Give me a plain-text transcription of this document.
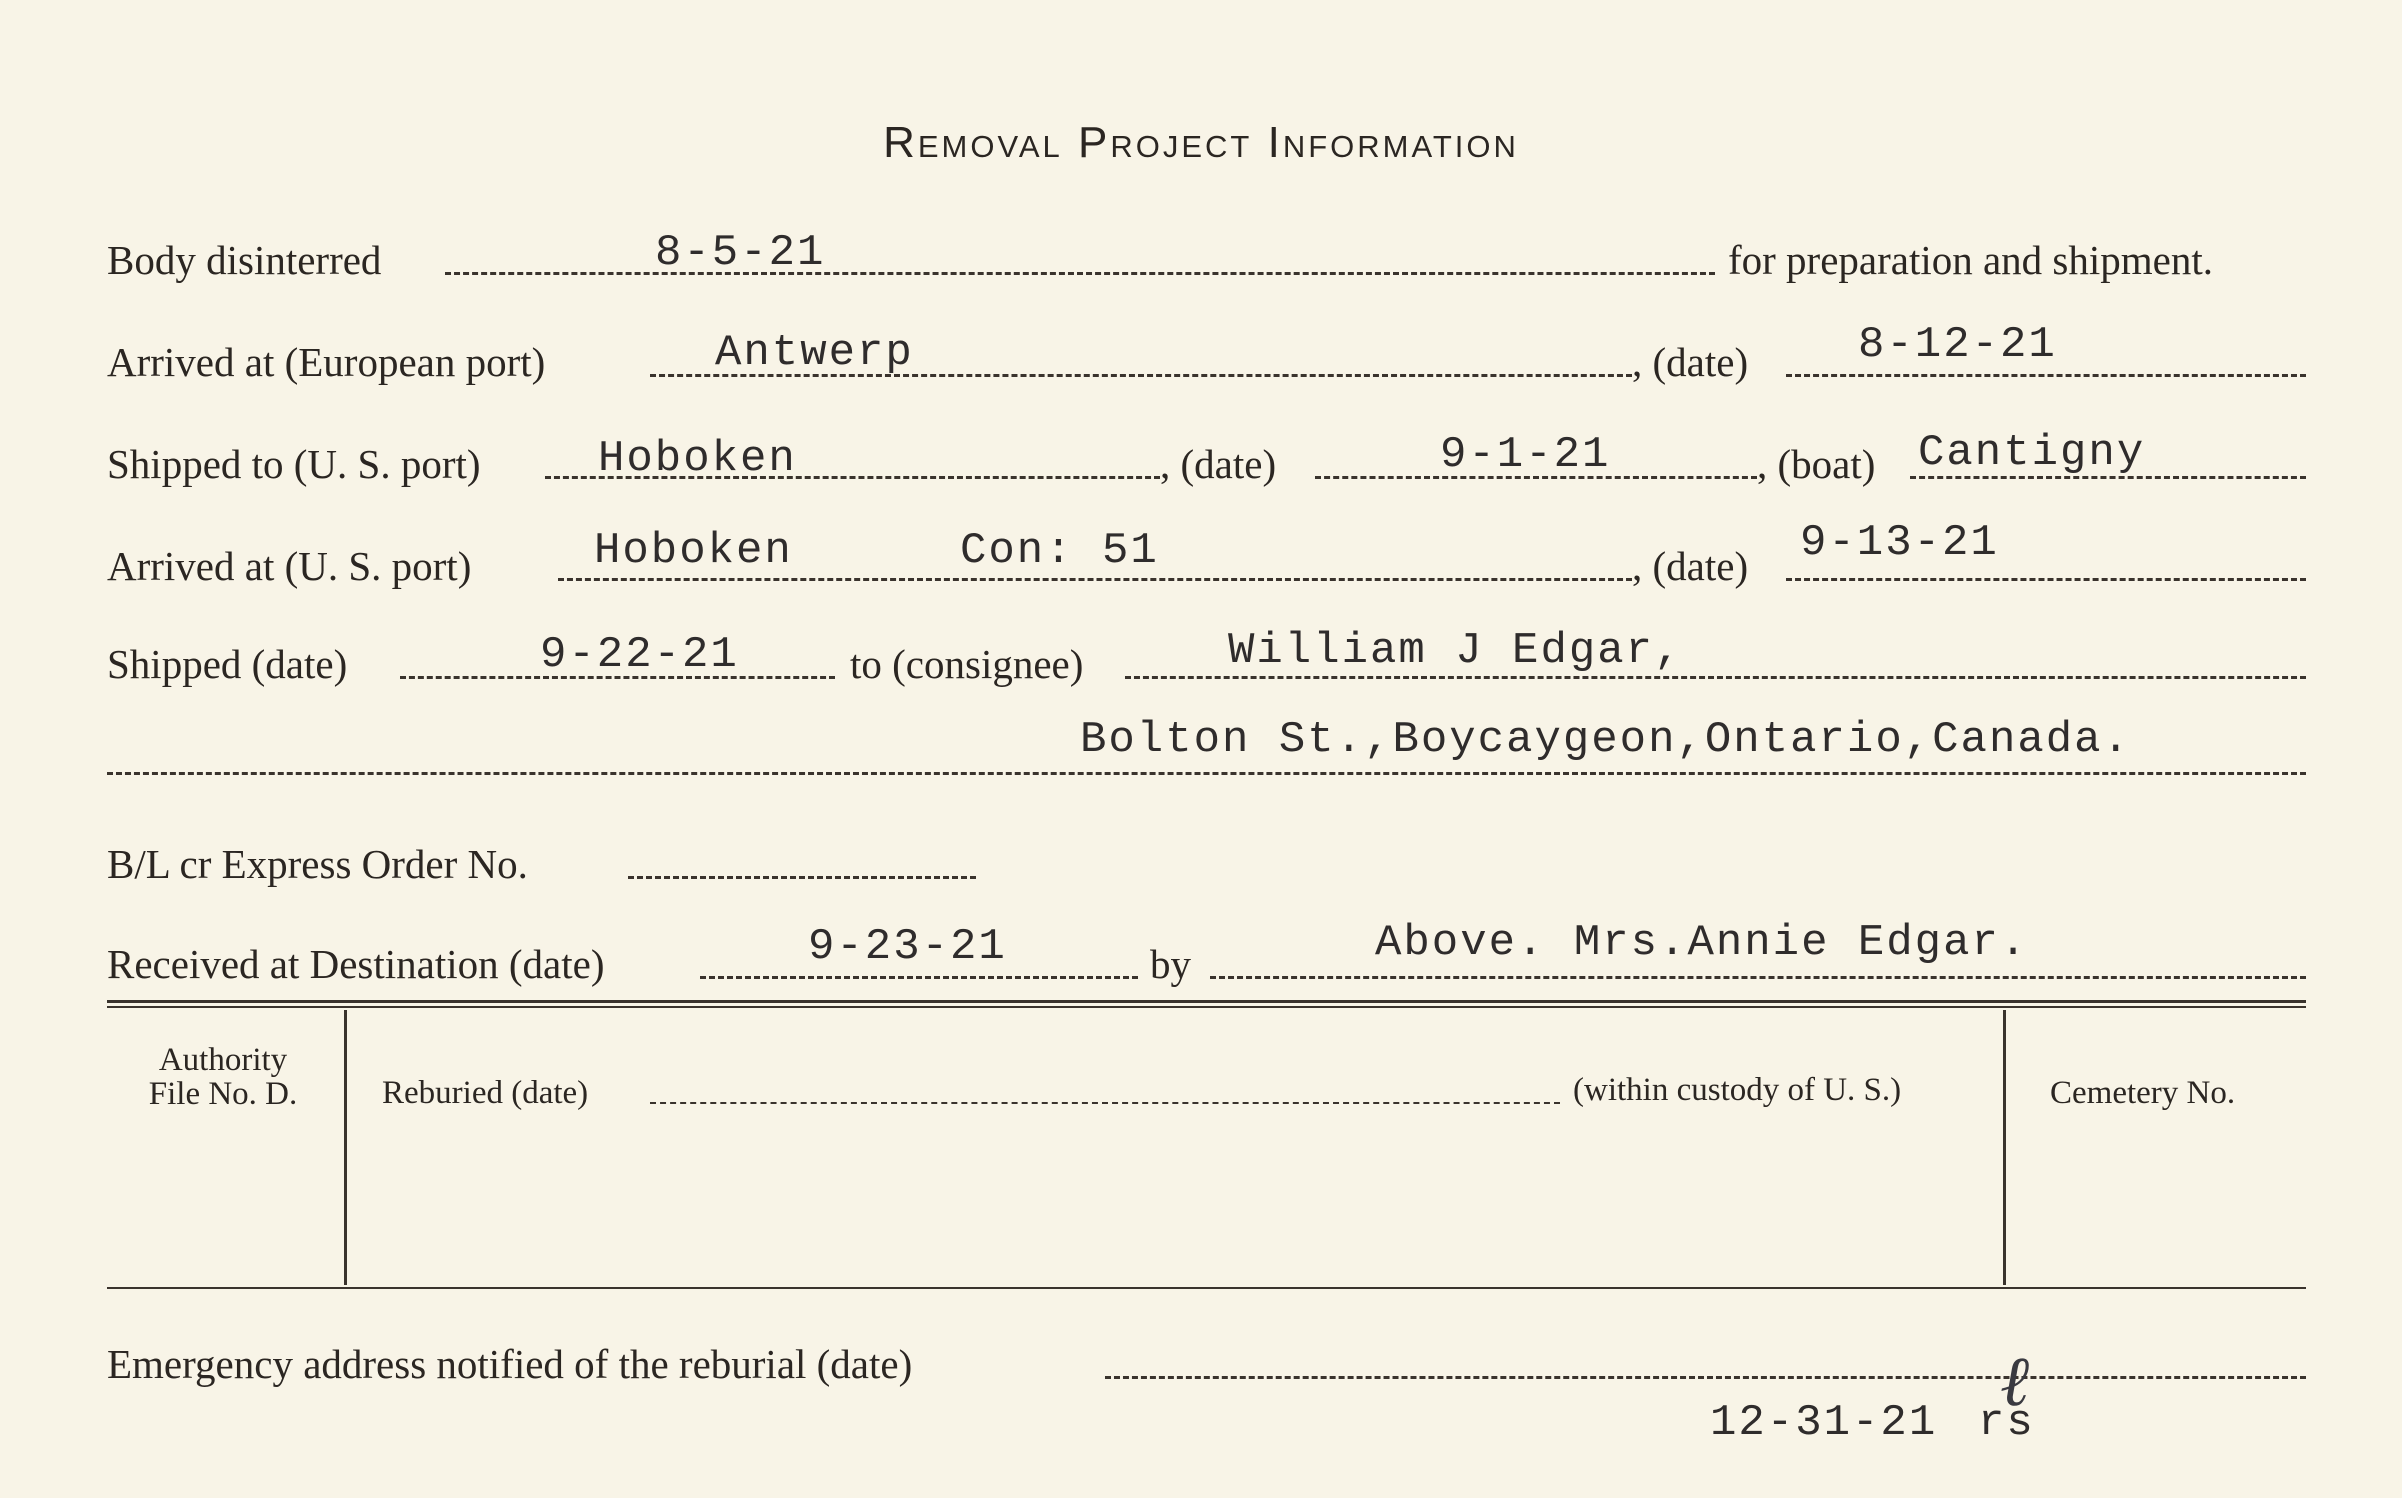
Removal Project Information
Body disinterred	8-5-21	for preparation and shipment.
Arrived at (European port)	Antwerp	, (date) 8-12-21
Shipped to (U. S. port)	Hoboken	, (date)	9-1-21	, (boat) Cantigny
Arrived at (U. S. port)	Hoboken	Con: 51	, (date) 9-13-21
Shipped (date)	9-22-21	to (consignee)	William J Edgar,
Bolton St.,Boycaygeon,Ontario,Canada.
B/L cr Express Order No.
Received at Destination (date)	9-23-21	by	Above. Mrs.Annie Edgar.
Authority
File No. D.	Reburied (date)	(within custody of U. S.)	Cemetery No.
Emergency address notified of the reburial (date)
12-31-21 rs
ℓ
